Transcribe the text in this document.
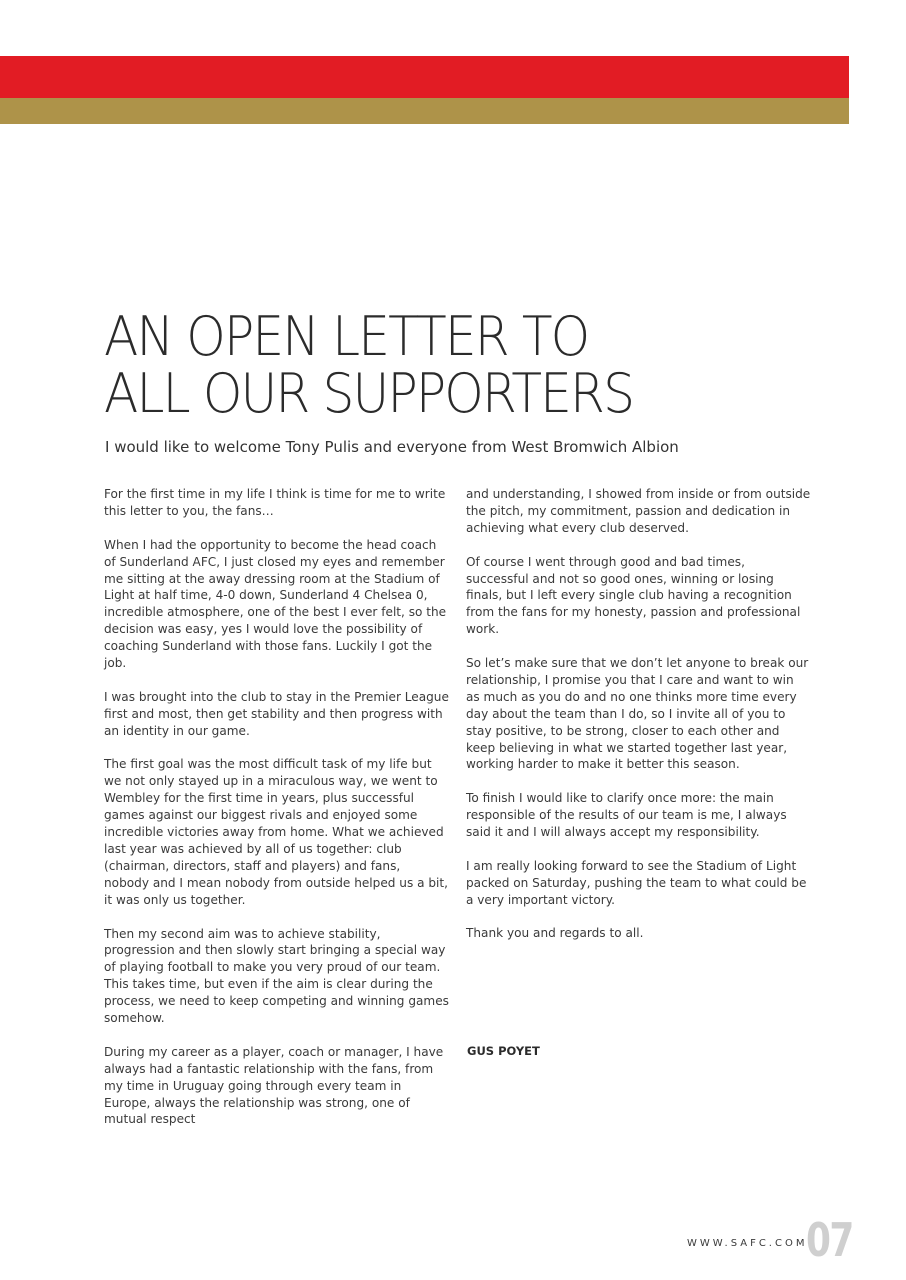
AN OPEN LETTER TO
ALL OUR SUPPORTERS

I would like to welcome Tony Pulis and everyone from West Bromwich Albion

For the first time in my life I think is time for me to write this letter to you, the fans…

When I had the opportunity to become the head coach of Sunderland AFC, I just closed my eyes and remember me sitting at the away dressing room at the Stadium of Light at half time, 4-0 down, Sunderland 4 Chelsea 0, incredible atmosphere, one of the best I ever felt, so the decision was easy, yes I would love the possibility of coaching Sunderland with those fans. Luckily I got the job.

I was brought into the club to stay in the Premier League first and most, then get stability and then progress with an identity in our game.

The first goal was the most difficult task of my life but we not only stayed up in a miraculous way, we went to Wembley for the first time in years, plus successful games against our biggest rivals and enjoyed some incredible victories away from home. What we achieved last year was achieved by all of us together: club (chairman, directors, staff and players) and fans, nobody and I mean nobody from outside helped us a bit, it was only us together.

Then my second aim was to achieve stability, progression and then slowly start bringing a special way of playing football to make you very proud of our team. This takes time, but even if the aim is clear during the process, we need to keep competing and winning games somehow.

During my career as a player, coach or manager, I have always had a fantastic relationship with the fans, from my time in Uruguay going through every team in Europe, always the relationship was strong, one of mutual respect

and understanding, I showed from inside or from outside the pitch, my commitment, passion and dedication in achieving what every club deserved.

Of course I went through good and bad times, successful and not so good ones, winning or losing finals, but I left every single club having a recognition from the fans for my honesty, passion and professional work.

So let’s make sure that we don’t let anyone to break our relationship, I promise you that I care and want to win as much as you do and no one thinks more time every day about the team than I do, so I invite all of you to stay positive, to be strong, closer to each other and keep believing in what we started together last year, working harder to make it better this season.

To finish I would like to clarify once more: the main responsible of the results of our team is me, I always said it and I will always accept my responsibility.

I am really looking forward to see the Stadium of Light packed on Saturday, pushing the team to what could be a very important victory.

Thank you and regards to all.

GUS POYET

WWW.SAFC.COM
07
